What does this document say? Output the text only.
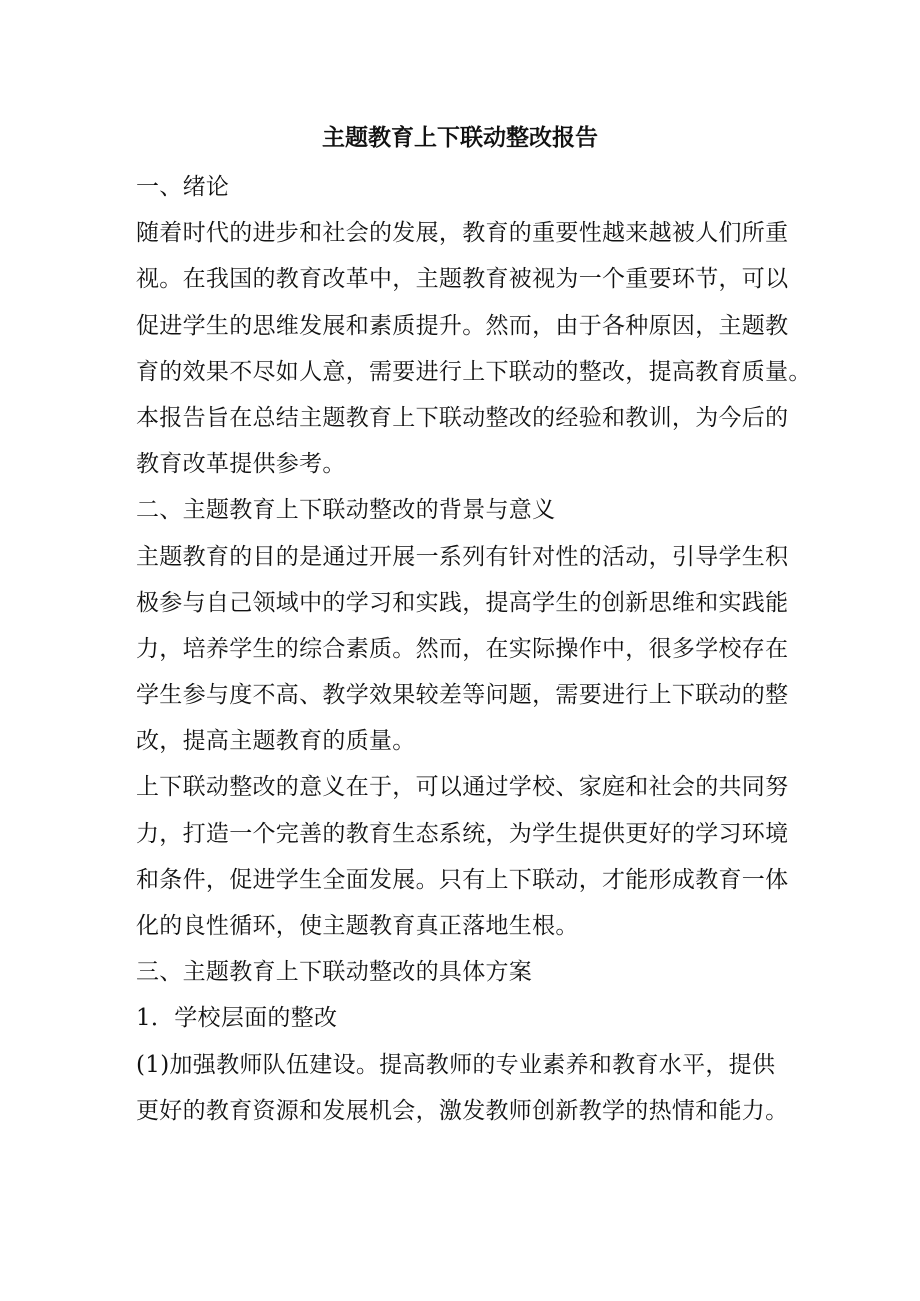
主题教育上下联动整改报告

一、绪论

随着时代的进步和社会的发展，教育的重要性越来越被人们所重

视。在我国的教育改革中，主题教育被视为一个重要环节，可以

促进学生的思维发展和素质提升。然而，由于各种原因，主题教

育的效果不尽如人意，需要进行上下联动的整改，提高教育质量。

本报告旨在总结主题教育上下联动整改的经验和教训，为今后的

教育改革提供参考。

二、主题教育上下联动整改的背景与意义

主题教育的目的是通过开展一系列有针对性的活动，引导学生积

极参与自己领域中的学习和实践，提高学生的创新思维和实践能

力，培养学生的综合素质。然而，在实际操作中，很多学校存在

学生参与度不高、教学效果较差等问题，需要进行上下联动的整

改，提高主题教育的质量。

上下联动整改的意义在于，可以通过学校、家庭和社会的共同努

力，打造一个完善的教育生态系统，为学生提供更好的学习环境

和条件，促进学生全面发展。只有上下联动，才能形成教育一体

化的良性循环，使主题教育真正落地生根。

三、主题教育上下联动整改的具体方案

1．学校层面的整改

(1)加强教师队伍建设。提高教师的专业素养和教育水平，提供

更好的教育资源和发展机会，激发教师创新教学的热情和能力。
